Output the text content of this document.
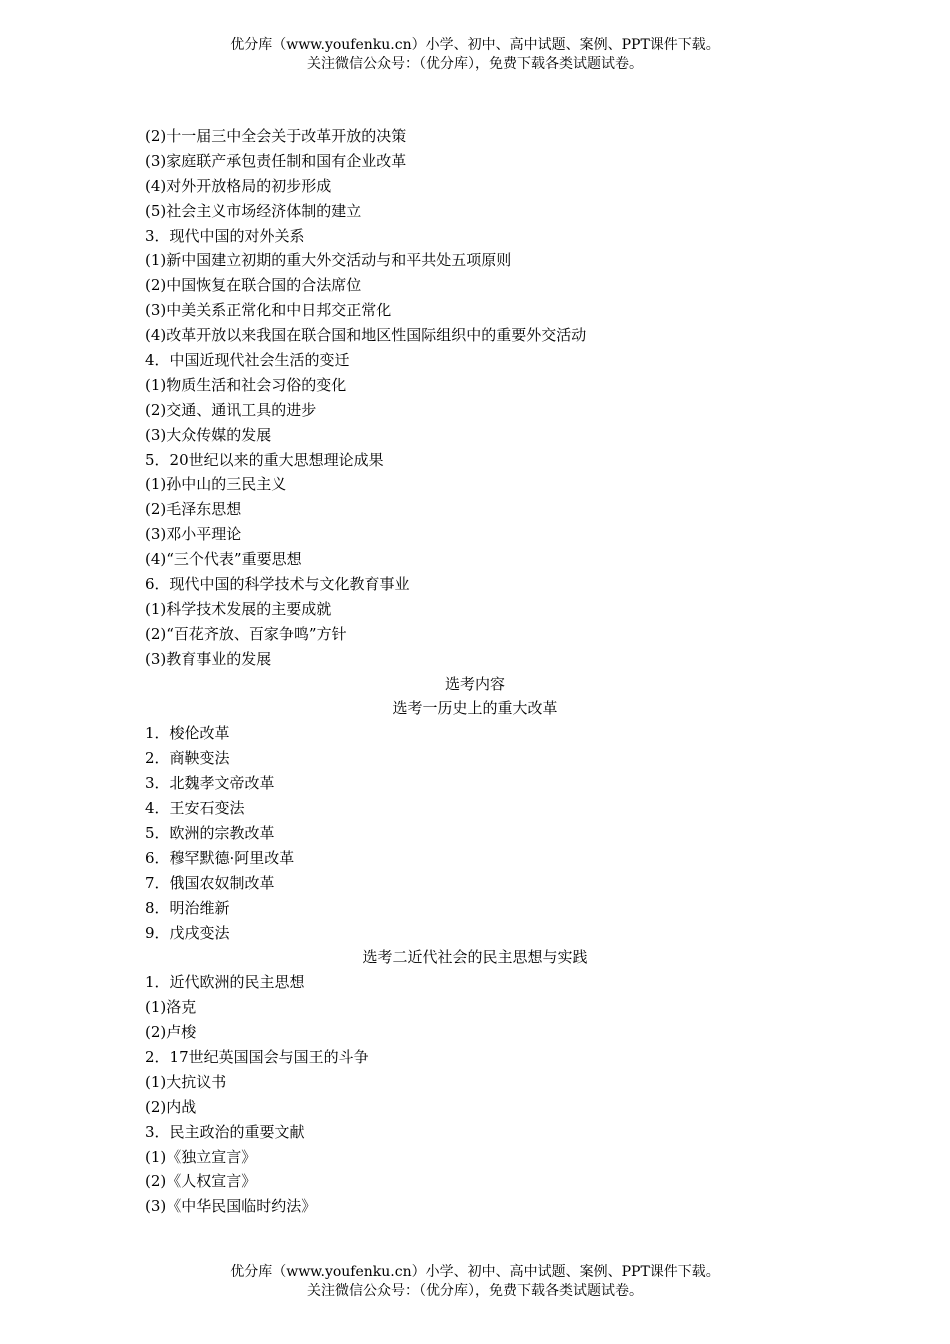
优分库（www.youfenku.cn）小学、初中、高中试题、案例、PPT课件下载。
关注微信公众号：（优分库），免费下载各类试题试卷。
(2)十一届三中全会关于改革开放的决策
(3)家庭联产承包责任制和国有企业改革
(4)对外开放格局的初步形成
(5)社会主义市场经济体制的建立
3．现代中国的对外关系
(1)新中国建立初期的重大外交活动与和平共处五项原则
(2)中国恢复在联合国的合法席位
(3)中美关系正常化和中日邦交正常化
(4)改革开放以来我国在联合国和地区性国际组织中的重要外交活动
4．中国近现代社会生活的变迁
(1)物质生活和社会习俗的变化
(2)交通、通讯工具的进步
(3)大众传媒的发展
5．20世纪以来的重大思想理论成果
(1)孙中山的三民主义
(2)毛泽东思想
(3)邓小平理论
(4)“三个代表”重要思想
6．现代中国的科学技术与文化教育事业
(1)科学技术发展的主要成就
(2)“百花齐放、百家争鸣”方针
(3)教育事业的发展
选考内容
选考一历史上的重大改革
1．梭伦改革
2．商鞅变法
3．北魏孝文帝改革
4．王安石变法
5．欧洲的宗教改革
6．穆罕默德·阿里改革
7．俄国农奴制改革
8．明治维新
9．戊戌变法
选考二近代社会的民主思想与实践
1．近代欧洲的民主思想
(1)洛克
(2)卢梭
2．17世纪英国国会与国王的斗争
(1)大抗议书
(2)内战
3．民主政治的重要文献
(1)《独立宣言》
(2)《人权宣言》
(3)《中华民国临时约法》
优分库（www.youfenku.cn）小学、初中、高中试题、案例、PPT课件下载。
关注微信公众号：（优分库），免费下载各类试题试卷。
